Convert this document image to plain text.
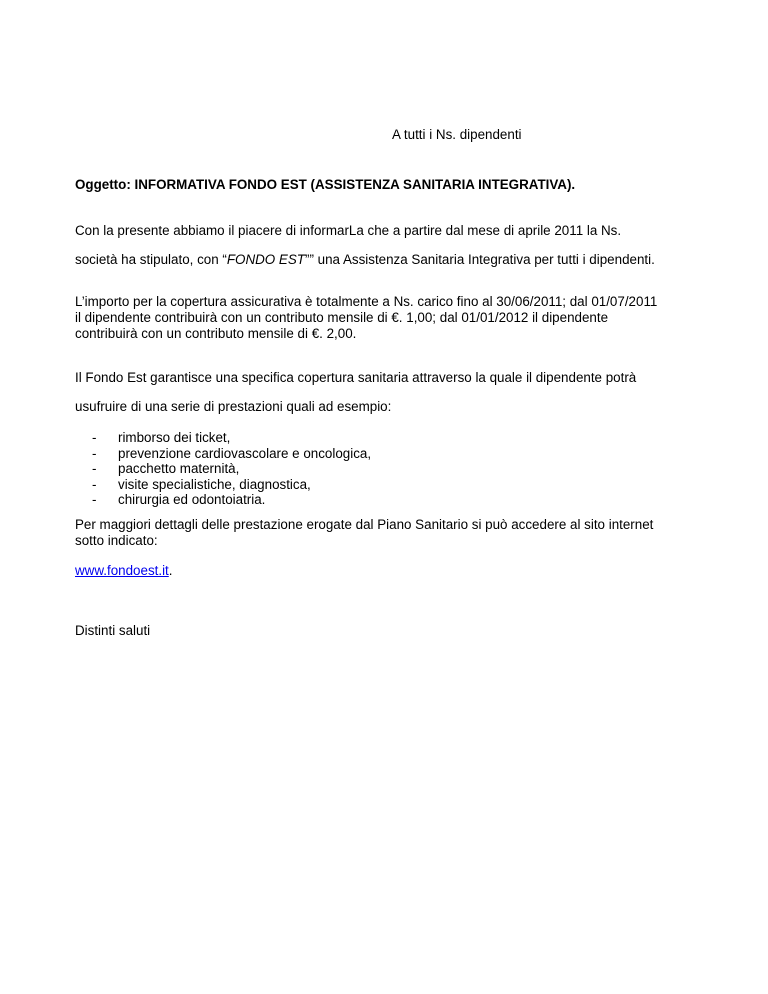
A tutti i Ns. dipendenti
Oggetto: INFORMATIVA FONDO EST (ASSISTENZA SANITARIA INTEGRATIVA).
Con la presente abbiamo il piacere di informarLa che a partire dal mese di aprile 2011 la Ns.
società ha stipulato, con “FONDO EST”” una Assistenza Sanitaria Integrativa per tutti i dipendenti.
L’importo per la copertura assicurativa è totalmente a Ns. carico fino al 30/06/2011; dal 01/07/2011
il dipendente contribuirà con un contributo mensile di €. 1,00; dal 01/01/2012 il dipendente
contribuirà con un contributo mensile di €. 2,00.
Il Fondo Est garantisce una specifica copertura sanitaria attraverso la quale il dipendente potrà
usufruire di una serie di prestazioni quali ad esempio:
- rimborso dei ticket,
- prevenzione cardiovascolare e oncologica,
- pacchetto maternità,
- visite specialistiche, diagnostica,
- chirurgia ed odontoiatria.
Per maggiori dettagli delle prestazione erogate dal Piano Sanitario si può accedere al sito internet
sotto indicato:
www.fondoest.it.
Distinti saluti
